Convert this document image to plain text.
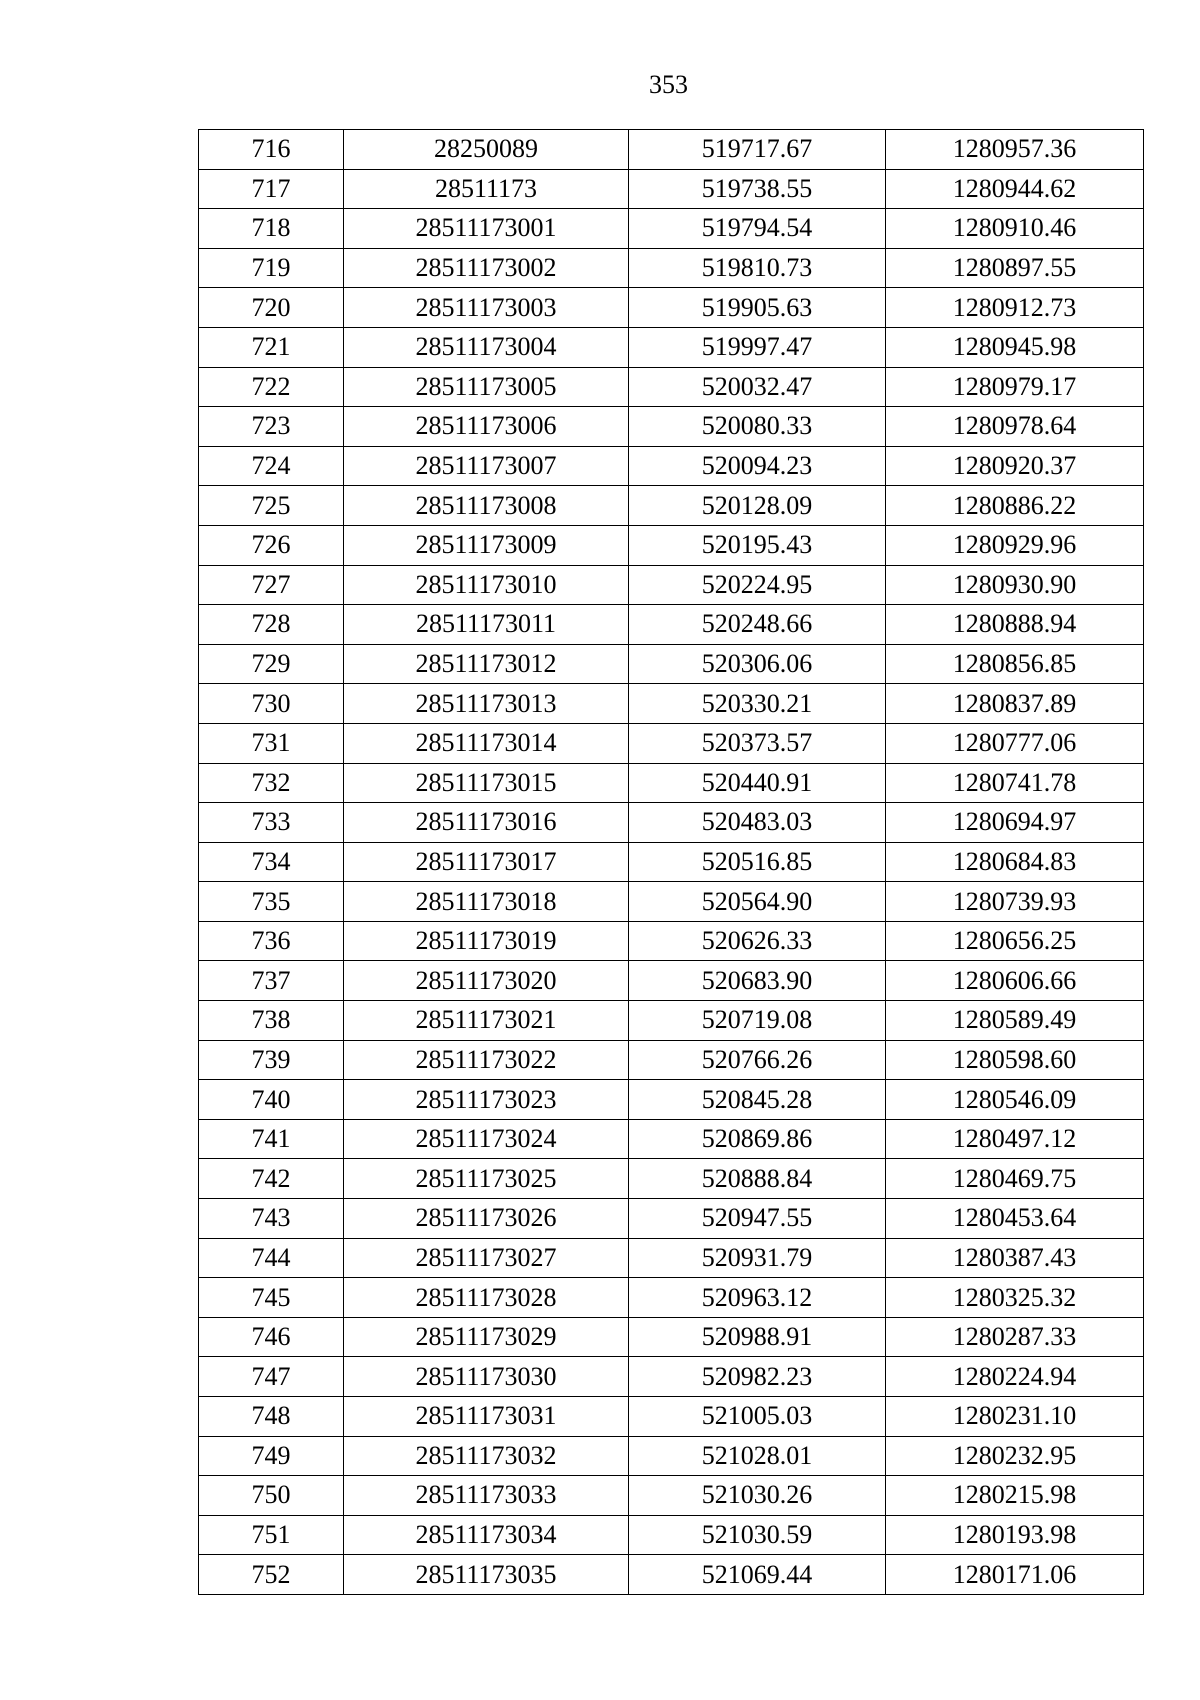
353
716	28250089	519717.67	1280957.36
717	28511173	519738.55	1280944.62
718	28511173001	519794.54	1280910.46
719	28511173002	519810.73	1280897.55
720	28511173003	519905.63	1280912.73
721	28511173004	519997.47	1280945.98
722	28511173005	520032.47	1280979.17
723	28511173006	520080.33	1280978.64
724	28511173007	520094.23	1280920.37
725	28511173008	520128.09	1280886.22
726	28511173009	520195.43	1280929.96
727	28511173010	520224.95	1280930.90
728	28511173011	520248.66	1280888.94
729	28511173012	520306.06	1280856.85
730	28511173013	520330.21	1280837.89
731	28511173014	520373.57	1280777.06
732	28511173015	520440.91	1280741.78
733	28511173016	520483.03	1280694.97
734	28511173017	520516.85	1280684.83
735	28511173018	520564.90	1280739.93
736	28511173019	520626.33	1280656.25
737	28511173020	520683.90	1280606.66
738	28511173021	520719.08	1280589.49
739	28511173022	520766.26	1280598.60
740	28511173023	520845.28	1280546.09
741	28511173024	520869.86	1280497.12
742	28511173025	520888.84	1280469.75
743	28511173026	520947.55	1280453.64
744	28511173027	520931.79	1280387.43
745	28511173028	520963.12	1280325.32
746	28511173029	520988.91	1280287.33
747	28511173030	520982.23	1280224.94
748	28511173031	521005.03	1280231.10
749	28511173032	521028.01	1280232.95
750	28511173033	521030.26	1280215.98
751	28511173034	521030.59	1280193.98
752	28511173035	521069.44	1280171.06
